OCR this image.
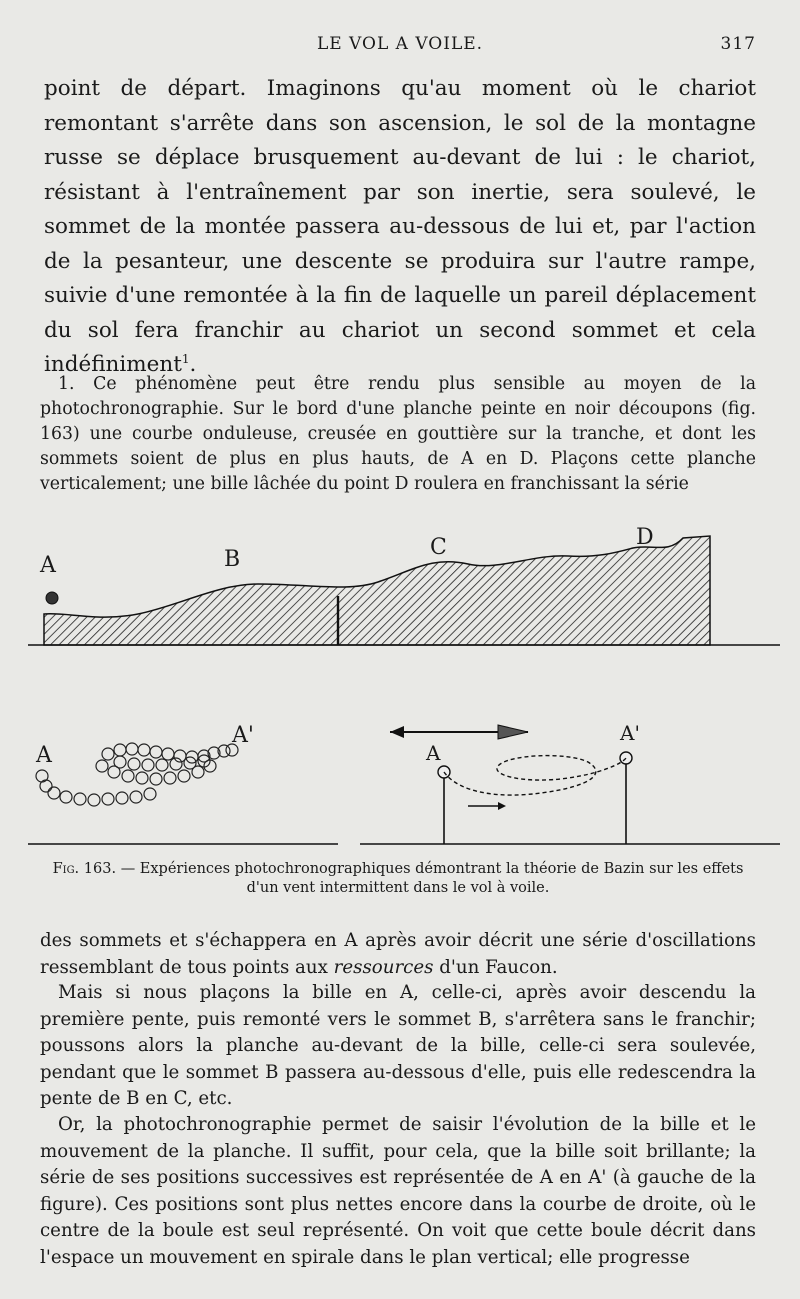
LE VOL A VOILE.	317

point de départ. Imaginons qu'au moment où le chariot remontant s'arrête dans son ascension, le sol de la montagne russe se déplace brusquement au-devant de lui : le chariot, résistant à l'entraînement par son inertie, sera soulevé, le sommet de la montée passera au-dessous de lui et, par l'action de la pesanteur, une descente se produira sur l'autre rampe, suivie d'une remontée à la fin de laquelle un pareil déplacement du sol fera franchir au chariot un second sommet et cela indéfiniment$^1$.

1. Ce phénomène peut être rendu plus sensible au moyen de la photochronographie. Sur le bord d'une planche peinte en noir découpons (fig. 163) une courbe onduleuse, creusée en gouttière sur la tranche, et dont les sommets soient de plus en plus hauts, de A en D. Plaçons cette planche verticalement; une bille lâchée du point D roulera en franchissant la série

A	B	C	D
A
A'
A
A'

Fig. 163. — Expériences photochronographiques démontrant la théorie de Bazin sur les effets d'un vent intermittent dans le vol à voile.

des sommets et s'échappera en A après avoir décrit une série d'oscillations ressemblant de tous points aux ressources d'un Faucon.

Mais si nous plaçons la bille en A, celle-ci, après avoir descendu la première pente, puis remonté vers le sommet B, s'arrêtera sans le franchir; poussons alors la planche au-devant de la bille, celle-ci sera soulevée, pendant que le sommet B passera au-dessous d'elle, puis elle redescendra la pente de B en C, etc.

Or, la photochronographie permet de saisir l'évolution de la bille et le mouvement de la planche. Il suffit, pour cela, que la bille soit brillante; la série de ses positions successives est représentée de A en A' (à gauche de la figure). Ces positions sont plus nettes encore dans la courbe de droite, où le centre de la boule est seul représenté. On voit que cette boule décrit dans l'espace un mouvement en spirale dans le plan vertical; elle progresse
